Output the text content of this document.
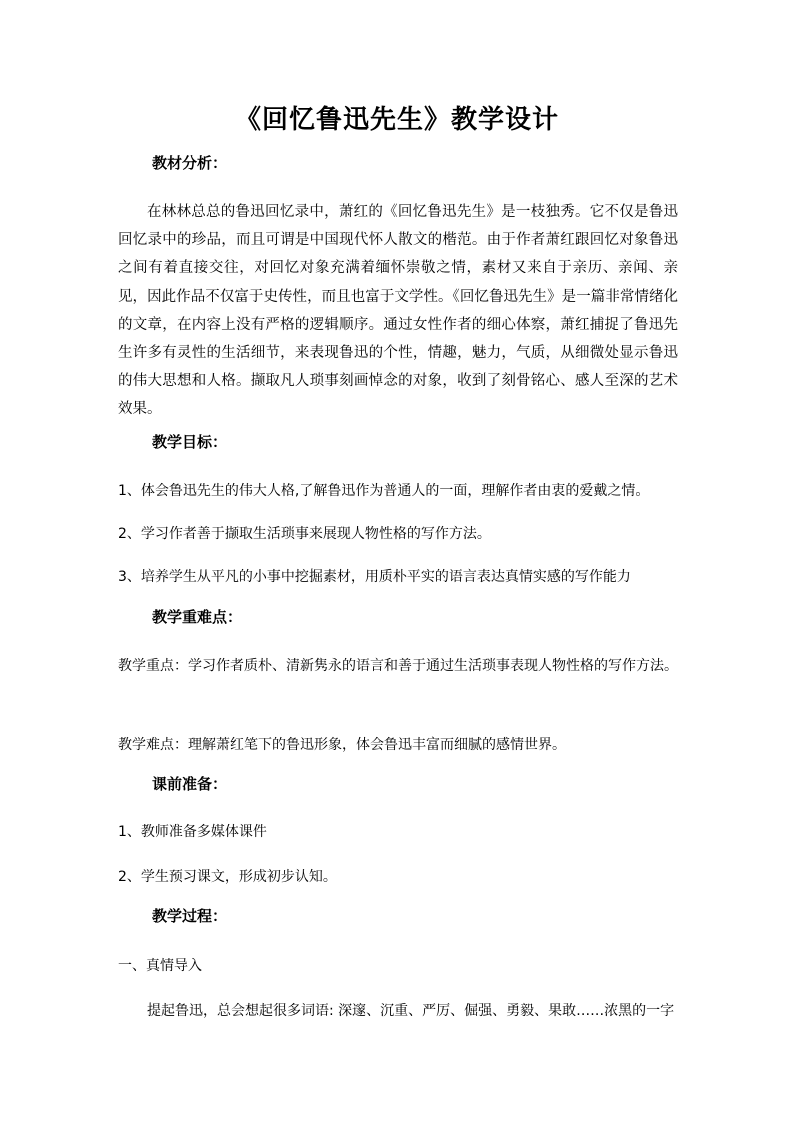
《回忆鲁迅先生》教学设计
教材分析：
在林林总总的鲁迅回忆录中，萧红的《回忆鲁迅先生》是一枝独秀。它不仅是鲁迅回忆录中的珍品，而且可谓是中国现代怀人散文的楷范。由于作者萧红跟回忆对象鲁迅之间有着直接交往，对回忆对象充满着缅怀崇敬之情，素材又来自于亲历、亲闻、亲见，因此作品不仅富于史传性，而且也富于文学性。《回忆鲁迅先生》是一篇非常情绪化的文章，在内容上没有严格的逻辑顺序。通过女性作者的细心体察，萧红捕捉了鲁迅先生许多有灵性的生活细节，来表现鲁迅的个性，情趣，魅力，气质，从细微处显示鲁迅的伟大思想和人格。撷取凡人琐事刻画悼念的对象，收到了刻骨铭心、感人至深的艺术效果。
教学目标：
1、体会鲁迅先生的伟大人格,了解鲁迅作为普通人的一面，理解作者由衷的爱戴之情。
2、学习作者善于撷取生活琐事来展现人物性格的写作方法。
3、培养学生从平凡的小事中挖掘素材，用质朴平实的语言表达真情实感的写作能力
教学重难点：
教学重点：学习作者质朴、清新隽永的语言和善于通过生活琐事表现人物性格的写作方法。
教学难点：理解萧红笔下的鲁迅形象，体会鲁迅丰富而细腻的感情世界。
课前准备：
1、教师准备多媒体课件
2、学生预习课文，形成初步认知。
教学过程：
一、真情导入
提起鲁迅，总会想起很多词语: 深邃、沉重、严厉、倔强、勇毅、果敢……浓黑的一字
